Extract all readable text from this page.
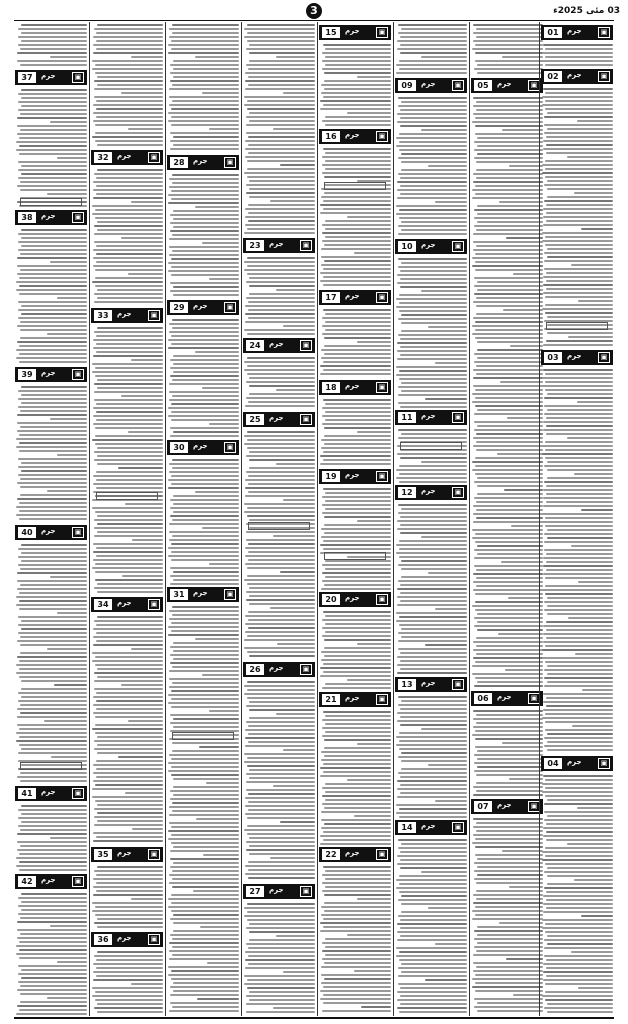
03 مئی 2025ء
3
37	جرم	▣
38	جرم	▣
39	جرم	▣
40	جرم	▣
41	جرم	▣
42	جرم	▣
32	جرم	▣
33	جرم	▣
34	جرم	▣
35	جرم	▣
36	جرم	▣
28	جرم	▣
29	جرم	▣
30	جرم	▣
31	جرم	▣
23	جرم	▣
24	جرم	▣
25	جرم	▣
26	جرم	▣
27	جرم	▣
15	جرم	▣
16	جرم	▣
17	جرم	▣
18	جرم	▣
19	جرم	▣
20	جرم	▣
21	جرم	▣
22	جرم	▣
09	جرم	▣
10	جرم	▣
11	جرم	▣
12	جرم	▣
13	جرم	▣
14	جرم	▣
05	جرم	▣
06	جرم	▣
07	جرم	▣
01	جرم	▣
02	جرم	▣
03	جرم	▣
04	جرم	▣
